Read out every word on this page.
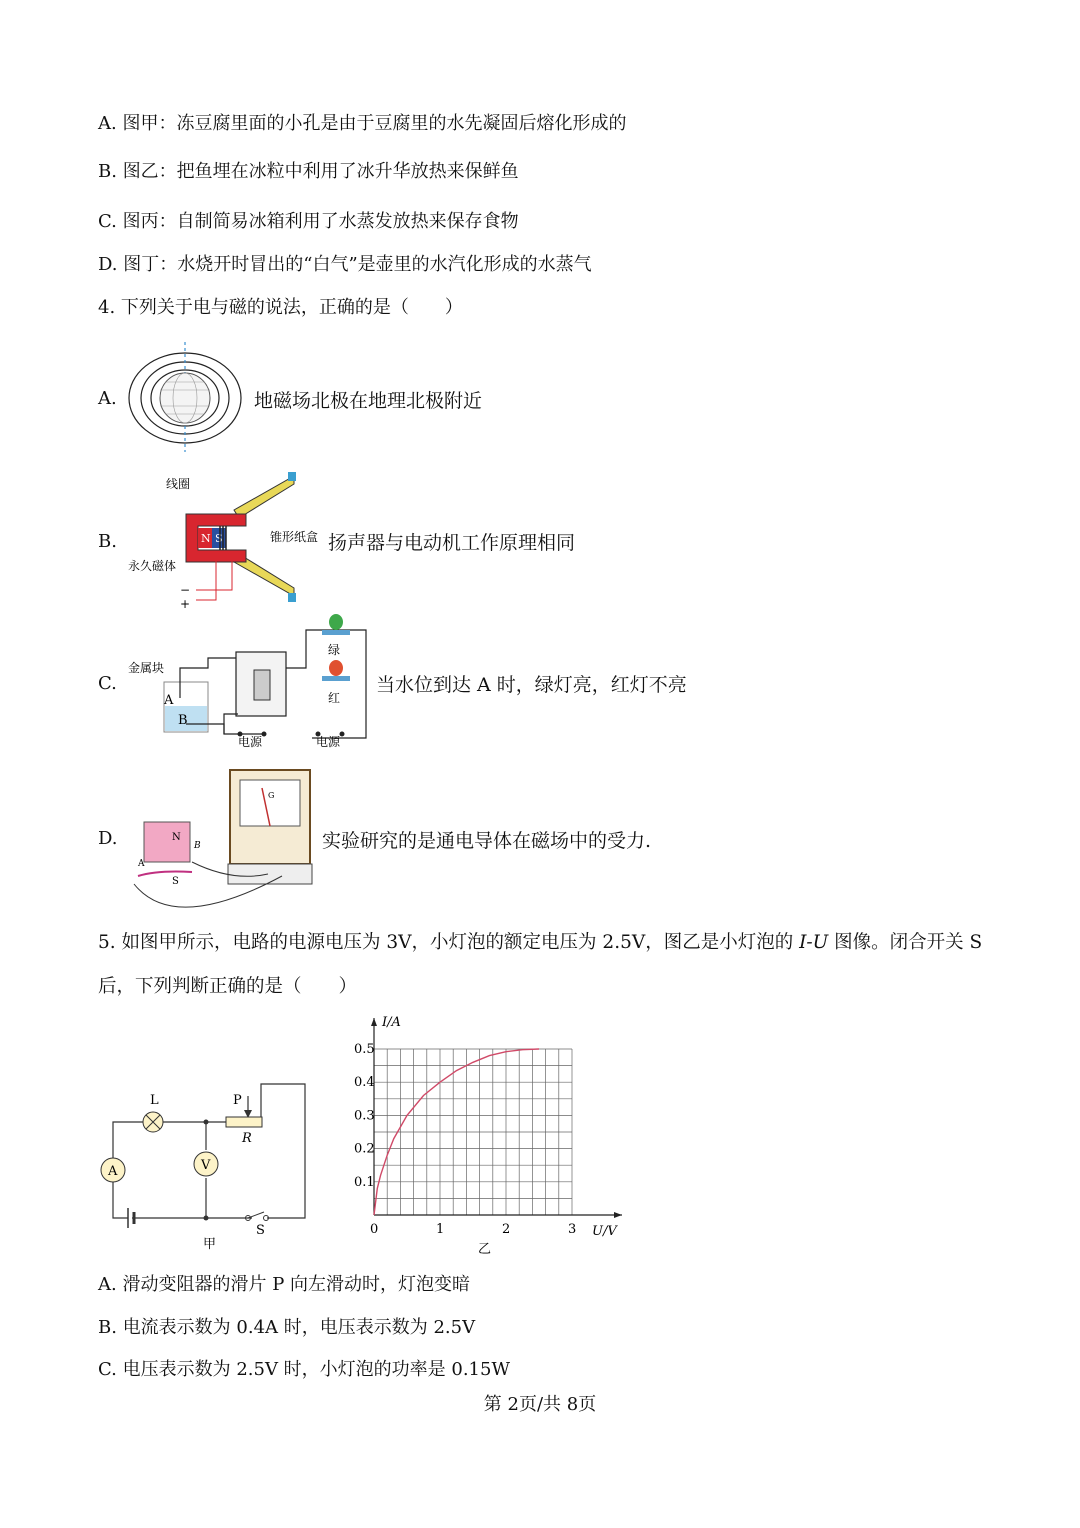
A. 图甲：冻豆腐里面的小孔是由于豆腐里的水先凝固后熔化形成的
B. 图乙：把鱼埋在冰粒中利用了冰升华放热来保鲜鱼
C. 图丙：自制简易冰箱利用了水蒸发放热来保存食物
D. 图丁：水烧开时冒出的“白气”是壶里的水汽化形成的水蒸气
4. 下列关于电与磁的说法，正确的是（　　）
A.	地磁场北极在地理北极附近
B.
线圈
锥形纸盒
永久磁体
N S
−
+
扬声器与电动机工作原理相同
C.
金属块
A
B
绿
红
电源	电源
当水位到达 A 时，绿灯亮，红灯不亮
D.
G
N
S
A
B	实验研究的是通电导体在磁场中的受力.
5. 如图甲所示，电路的电源电压为 3V，小灯泡的额定电压为 2.5V，图乙是小灯泡的 I-U 图像。闭合开关 S
后，下列判断正确的是（　　）
A	V
L	P
R
S
甲
0	1	2	3
0.1
0.2
0.3
0.4
0.5
U/V
I/A
乙
A. 滑动变阻器的滑片 P 向左滑动时，灯泡变暗
B. 电流表示数为 0.4A 时，电压表示数为 2.5V
C. 电压表示数为 2.5V 时，小灯泡的功率是 0.15W
第 2页/共 8页
